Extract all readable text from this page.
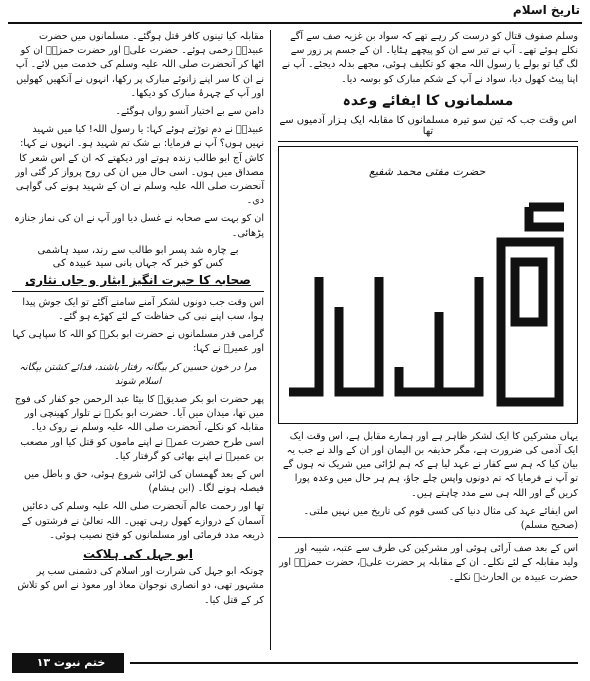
تاریخ اسلام

وسلم صفوف قتال کو درست کر رہے تھے کہ سواد بن غزیہ صف سے آگے نکلے ہوئے تھے۔ آپ نے تیر سے ان کو پیچھے ہٹایا۔ ان کے جسم پر زور سے لگ گیا تو بولے یا رسول اللہ مجھ کو تکلیف ہوئی، مجھے بدلہ دیجئے۔ آپ نے اپنا پیٹ کھول دیا، سواد نے آپ کے شکم مبارک کو بوسہ دیا۔

مسلمانوں کا ایفائے وعدہ
اس وقت جب کہ تین سو تیرہ مسلمانوں کا مقابلہ ایک ہزار آدمیوں سے تھا
حضرت مفتی محمد شفیع

یہاں مشرکین کا ایک لشکر ظاہر ہے اور ہمارے مقابل ہے، اس وقت ایک ایک آدمی کی ضرورت ہے، مگر حذیفہ بن الیمان اور ان کے والد نے جب یہ بیان کیا کہ ہم سے کفار نے عہد لیا ہے کہ ہم لڑائی میں شریک نہ ہوں گے تو آپ نے فرمایا کہ تم دونوں واپس چلے جاؤ، ہم ہر حال میں وعدہ پورا کریں گے اور اللہ ہی سے مدد چاہتے ہیں۔

اس ایفائے عہد کی مثال دنیا کی کسی قوم کی تاریخ میں نہیں ملتی۔ (صحیح مسلم)

اس کے بعد صف آرائی ہوئی اور مشرکین کی طرف سے عتبہ، شیبہ اور ولید مقابلہ کے لئے نکلے۔ ان کے مقابلہ پر حضرت علیؓ، حضرت حمزہؓ اور حضرت عبیدہ بن الحارثؓ نکلے۔

مقابلہ کیا تینوں کافر قتل ہوگئے۔ مسلمانوں میں حضرت عبیدہؓ زخمی ہوئے۔ حضرت علیؓ اور حضرت حمزہؓ ان کو اٹھا کر آنحضرت صلی اللہ علیہ وسلم کی خدمت میں لائے۔ آپ نے ان کا سر اپنے زانوئے مبارک پر رکھا، انہوں نے آنکھیں کھولیں اور آپ کے چہرۂ مبارک کو دیکھا۔

دامن سے بے اختیار آنسو رواں ہوگئے۔

عبیدہؓ نے دم توڑتے ہوئے کہا: یا رسول اللہ! کیا میں شہید نہیں ہوں؟ آپ نے فرمایا: بے شک تم شہید ہو۔ انہوں نے کہا: کاش آج ابو طالب زندہ ہوتے اور دیکھتے کہ ان کے اس شعر کا مصداق میں ہوں۔ اسی حال میں ان کی روح پرواز کر گئی اور آنحضرت صلی اللہ علیہ وسلم نے ان کے شہید ہونے کی گواہی دی۔

ان کو بہت سے صحابہ نے غسل دیا اور آپ نے ان کی نماز جنازہ پڑھائی۔

بے چارہ شد پسر ابو طالب سے رند، سید ہاشمی
کس کو خبر کہ جہاں بانی سید عبیدہ کی
صحابہ کا حیرت انگیز ایثار و جاں نثاری

اس وقت جب دونوں لشکر آمنے سامنے آگئے تو ایک جوش پیدا ہوا، سب اپنے نبی کی حفاظت کے لئے کھڑے ہو گئے۔

گرامی قدر مسلمانوں نے حضرت ابو بکرؓ کو اللہ کا سپاہی کہا اور عمیرؓ نے کہا:

مرا در خون حسین کر بیگانہ رفتار باشند، فدائے کشتن بیگانہ اسلام شوند

پھر حضرت ابو بکر صدیقؓ کا بیٹا عبد الرحمن جو کفار کی فوج میں تھا، میدان میں آیا۔ حضرت ابو بکرؓ نے تلوار کھینچی اور مقابلہ کو نکلے، آنحضرت صلی اللہ علیہ وسلم نے روک دیا۔ اسی طرح حضرت عمرؓ نے اپنے ماموں کو قتل کیا اور مصعب بن عمیرؓ نے اپنے بھائی کو گرفتار کیا۔

اس کے بعد گھمسان کی لڑائی شروع ہوئی، حق و باطل میں فیصلہ ہونے لگا۔ (ابن ہشام)

تھا اور رحمت عالم آنحضرت صلی اللہ علیہ وسلم کی دعائیں آسمان کے دروازے کھول رہی تھیں۔ اللہ تعالیٰ نے فرشتوں کے ذریعہ مدد فرمائی اور مسلمانوں کو فتح نصیب ہوئی۔

ابو جہل کی ہلاکت

چونکہ ابو جہل کی شرارت اور اسلام کی دشمنی سب پر مشہور تھی، دو انصاری نوجوان معاذ اور معوذ نے اس کو تلاش کر کے قتل کیا۔

ختم نبوت ۱۳
